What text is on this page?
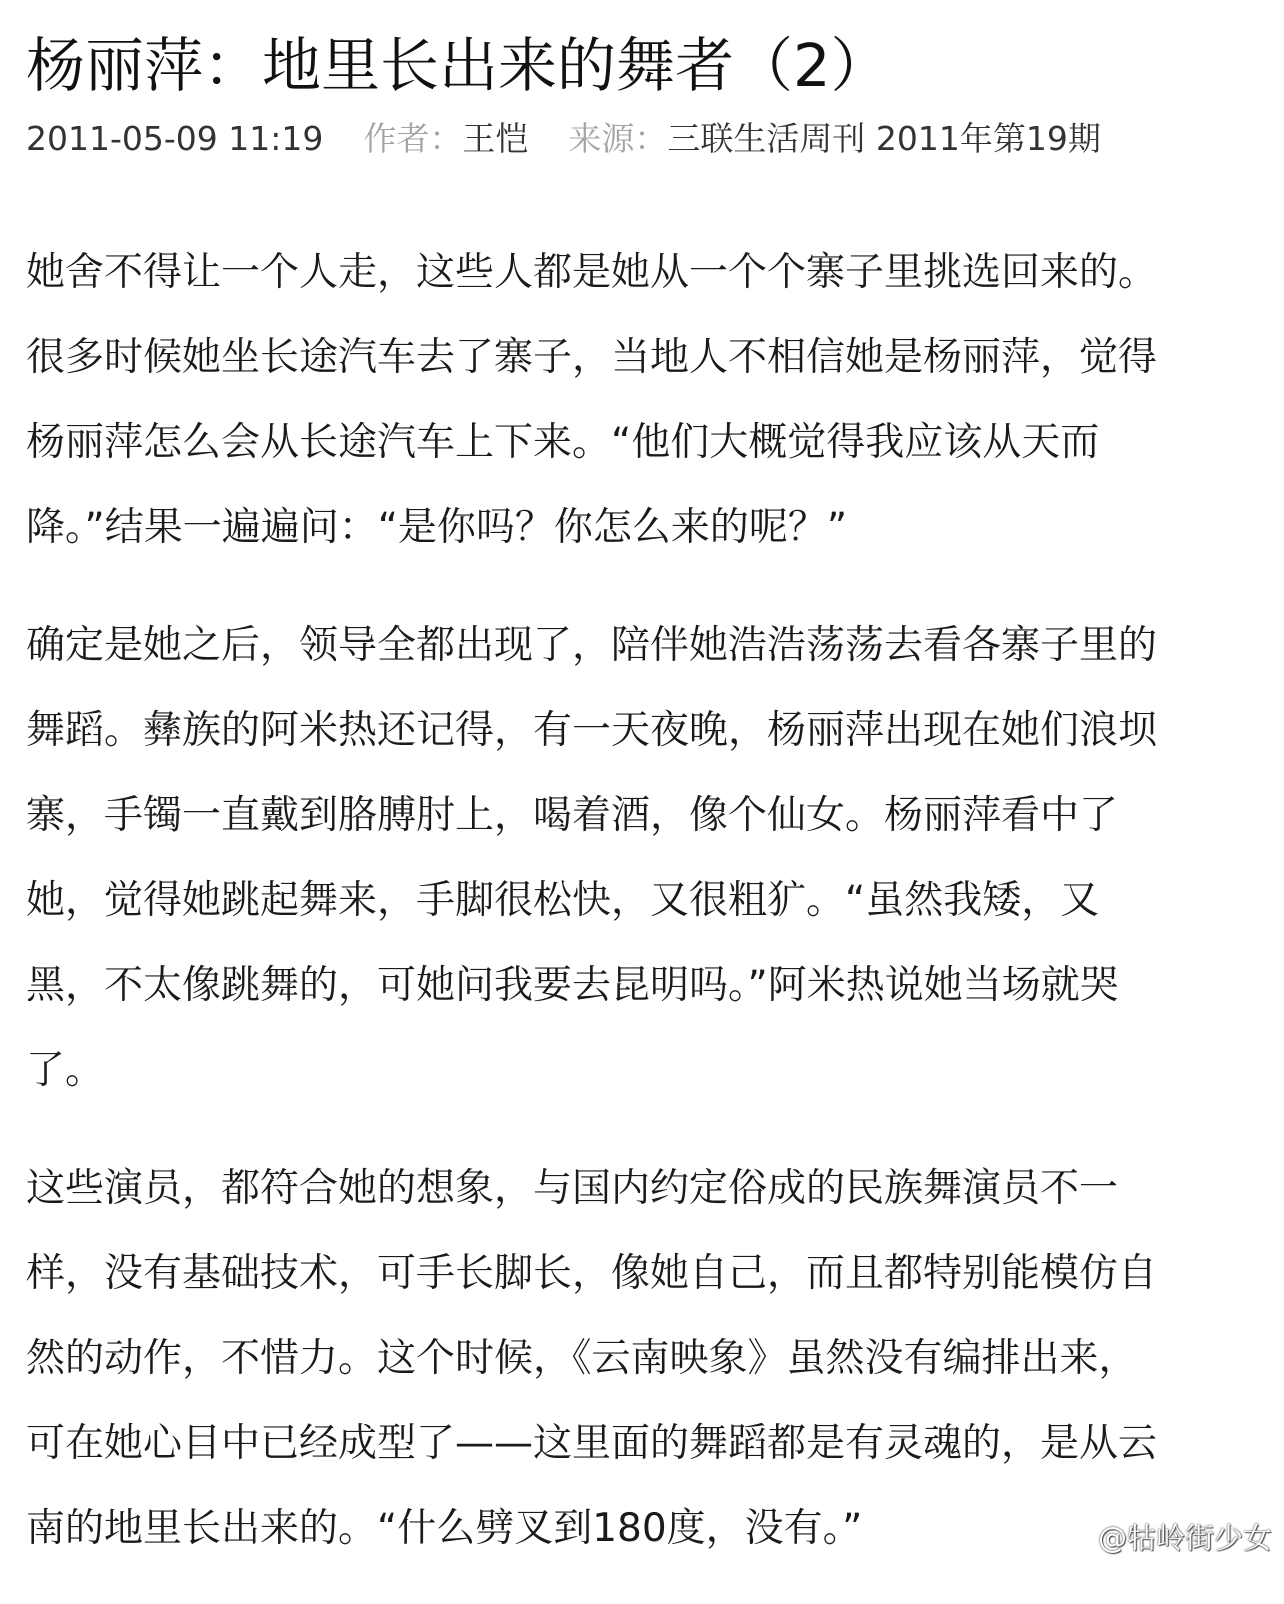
杨丽萍：地里长出来的舞者（2）
2011-05-09 11:19 作者：王恺 来源：三联生活周刊 2011年第19期

她舍不得让一个人走，这些人都是她从一个个寨子里挑选回来的。
很多时候她坐长途汽车去了寨子，当地人不相信她是杨丽萍，觉得
杨丽萍怎么会从长途汽车上下来。“他们大概觉得我应该从天而
降。”结果一遍遍问：“是你吗？你怎么来的呢？”

确定是她之后，领导全都出现了，陪伴她浩浩荡荡去看各寨子里的
舞蹈。彝族的阿米热还记得，有一天夜晚，杨丽萍出现在她们浪坝
寨，手镯一直戴到胳膊肘上，喝着酒，像个仙女。杨丽萍看中了
她，觉得她跳起舞来，手脚很松快，又很粗犷。“虽然我矮，又
黑，不太像跳舞的，可她问我要去昆明吗。”阿米热说她当场就哭
了。

这些演员，都符合她的想象，与国内约定俗成的民族舞演员不一
样，没有基础技术，可手长脚长，像她自己，而且都特别能模仿自
然的动作，不惜力。这个时候，《云南映象》虽然没有编排出来，
可在她心目中已经成型了——这里面的舞蹈都是有灵魂的，是从云
南的地里长出来的。“什么劈叉到180度，没有。”	@牯岭街少女
